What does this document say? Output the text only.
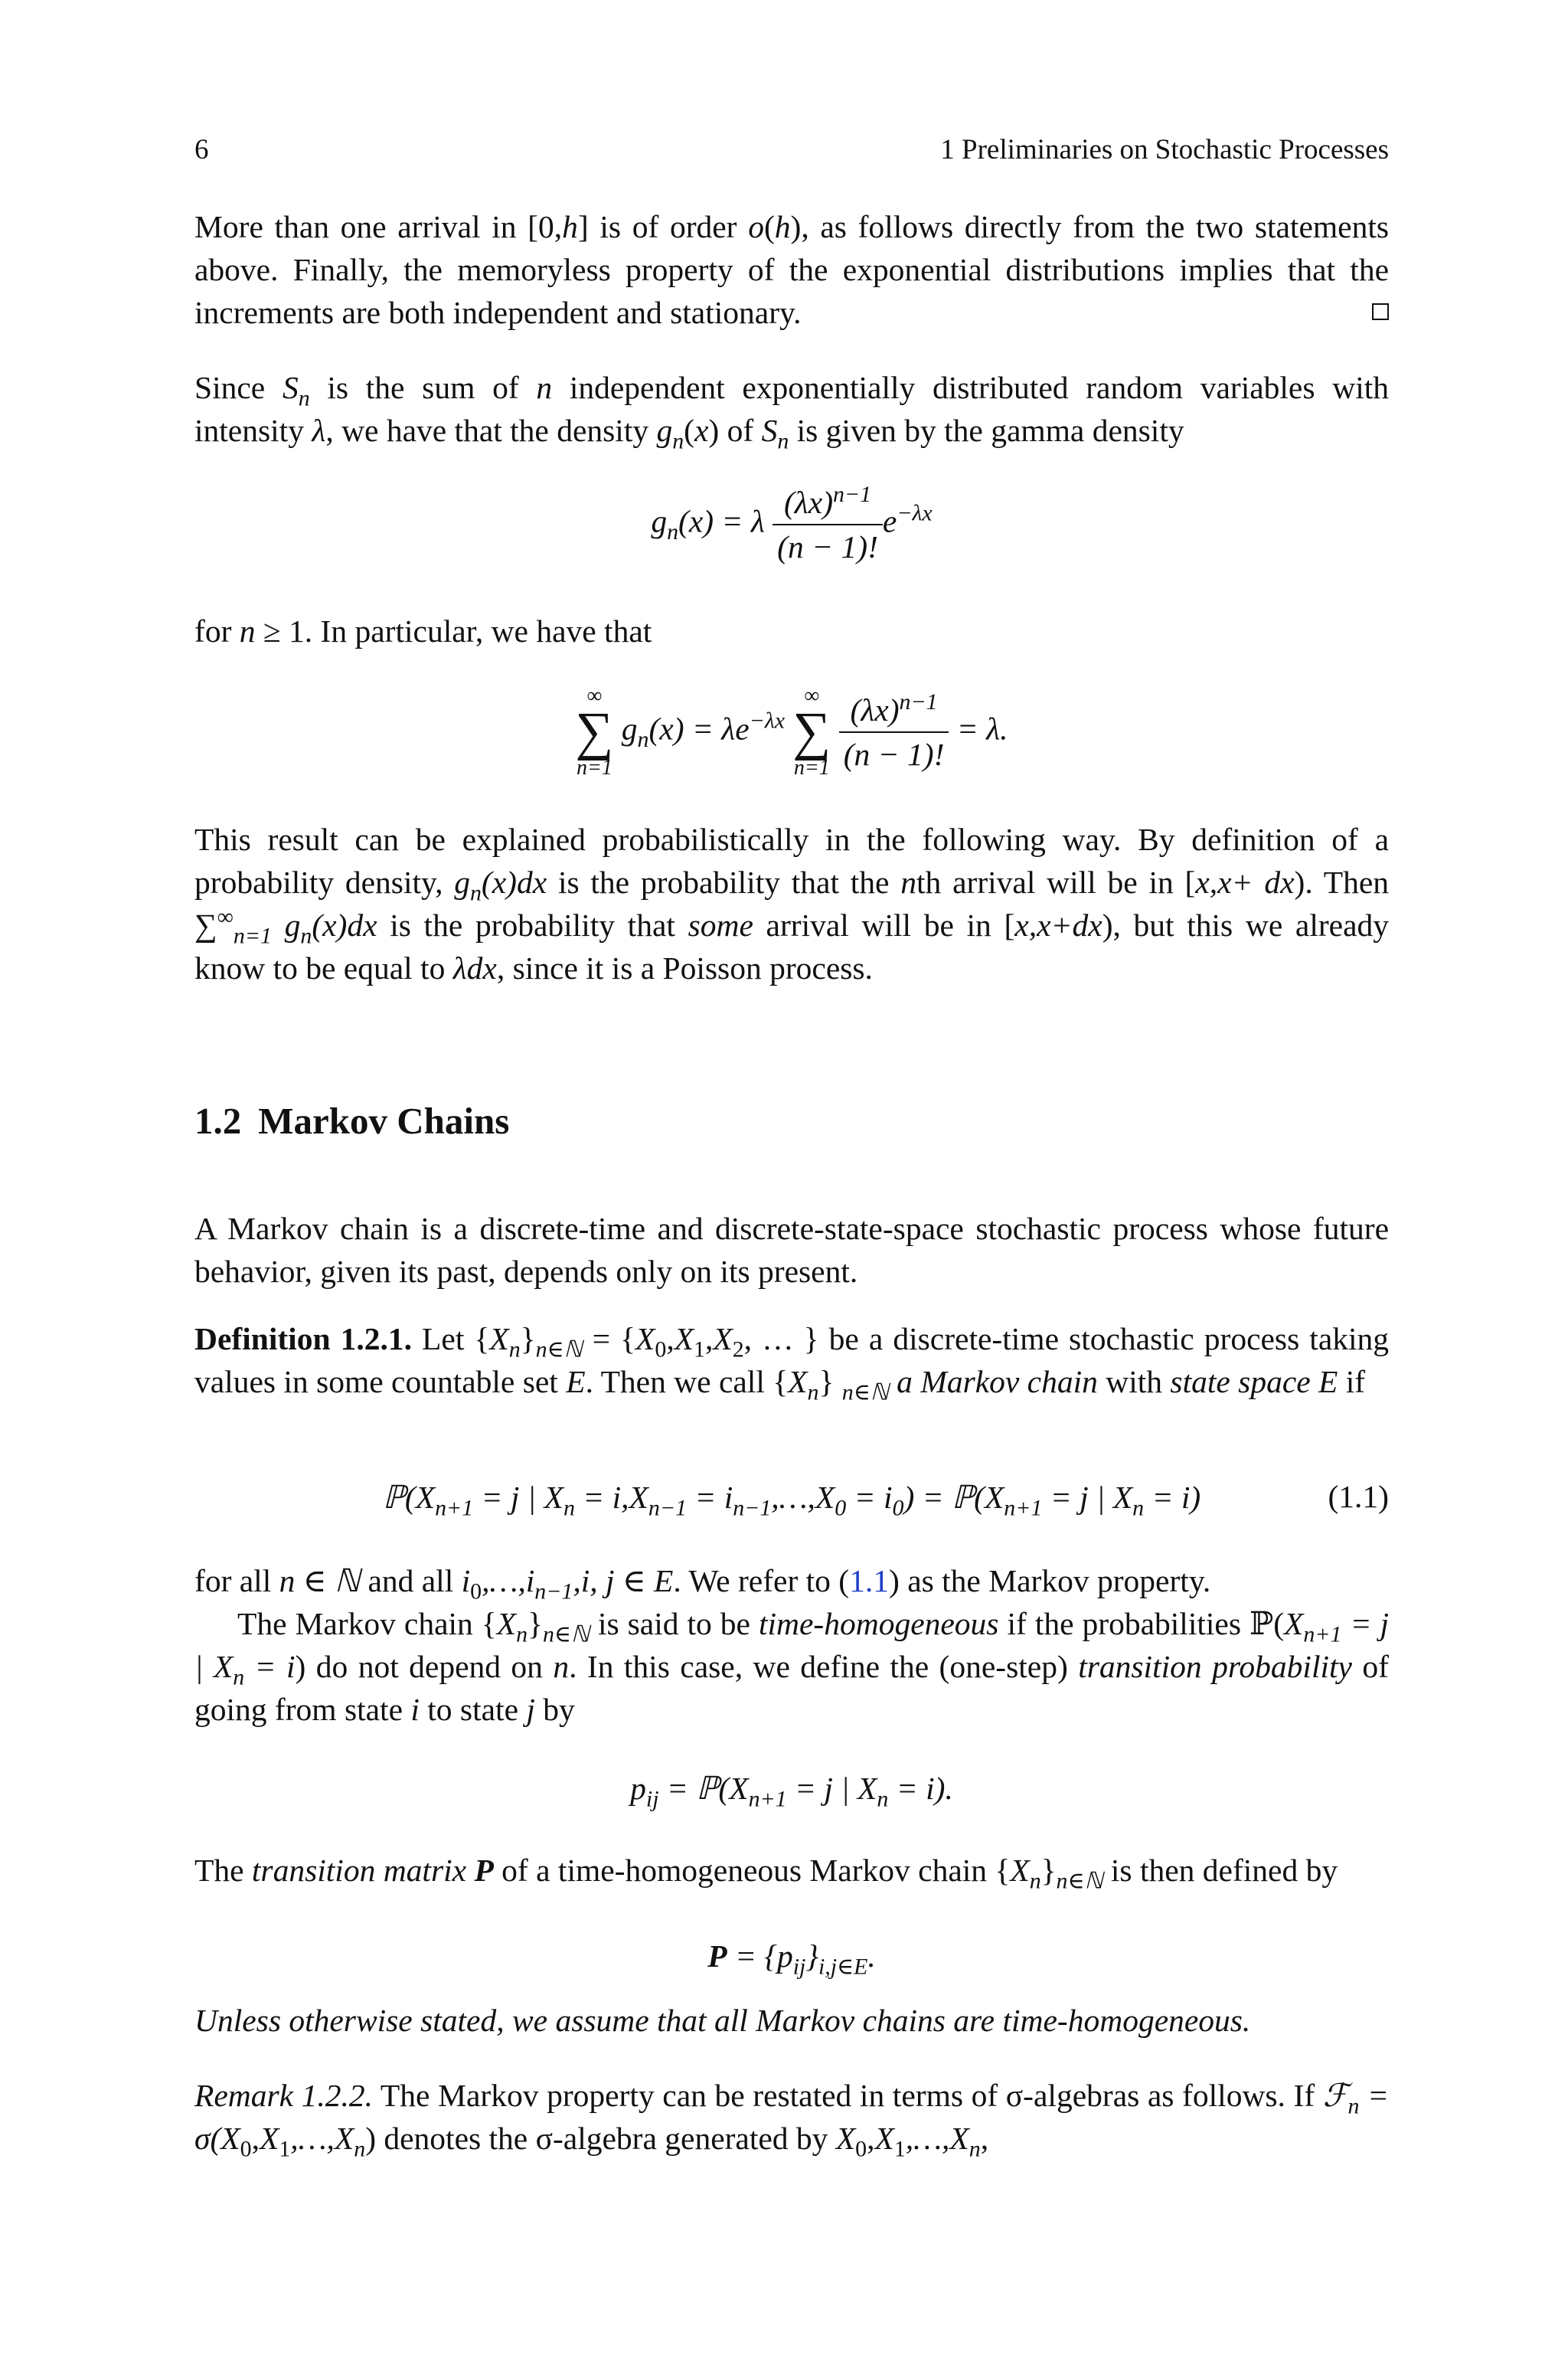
6	1 Preliminaries on Stochastic Processes

More than one arrival in [0,h] is of order o(h), as follows directly from the two statements above. Finally, the memoryless property of the exponential distributions implies that the increments are both independent and stationary.

Since $S_n$ is the sum of n independent exponentially distributed random variables with intensity λ, we have that the density $g_n(x)$ of $S_n$ is given by the gamma density

$g_n(x) = \lambda \frac{(\lambda x)^{n-1}}{(n - 1)!} e^{-\lambda x}$

for n ≥ 1. In particular, we have that

∞
∑
n=1
$g_n(x) = \lambda e^{-\lambda x}$
∞
∑
n=1
$\frac{(\lambda x)^{n-1}}{(n - 1)!} = \lambda$.

This result can be explained probabilistically in the following way. By definition of a probability density, $g_n(x)dx$ is the probability that the nth arrival will be in [x,x+ dx). Then $\sum^\infty_{n=1}$ $g_n(x)dx$ is the probability that some arrival will be in [x,x+dx), but this we already know to be equal to λdx, since it is a Poisson process.

1.2 Markov Chains

A Markov chain is a discrete-time and discrete-state-space stochastic process whose future behavior, given its past, depends only on its present.

Definition 1.2.1. Let $\{X_n\}_{n\in ℕ} = \{X_0,X_1,X_2$, … } be a discrete-time stochastic process taking values in some countable set E. Then we call $\{X_n\}$ $_{n\in ℕ}$ a Markov chain with state space E if

$ℙ(X_{n+1} = j$ | $X_n = i,X_{n-1}$ = $i_{n-1},\dots,X_0 = i_0$) = $ℙ(X_{n+1} = j$ | $X_n = i$)	(1.1)

for all n ∈ ℕ and all $i_0,\dots,i_{n-1},i$, j ∈ E. We refer to (1.1) as the Markov property.

The Markov chain $\{X_n\}_{n\in ℕ}$ is said to be time-homogeneous if the probabilities $ℙ(X_{n+1} = j$ | $X_n = i$) do not depend on n. In this case, we define the (one-step) transition probability of going from state i to state j by

$p_{ij}$ = $ℙ(X_{n+1} = j$ | $X_n = i$).

The transition matrix P of a time-homogeneous Markov chain $\{X_n\}_{n\in ℕ}$ is then defined by

$P = \{p_{ij}\}_{i,j\in E}$.

Unless otherwise stated, we assume that all Markov chains are time-homogeneous.

Remark 1.2.2. The Markov property can be restated in terms of σ-algebras as follows. If ℱ$_n$ = $\sigma(X_0,X_1,\dots,X_n)$ denotes the σ-algebra generated by $X_0,X_1,\dots,X_n$,
